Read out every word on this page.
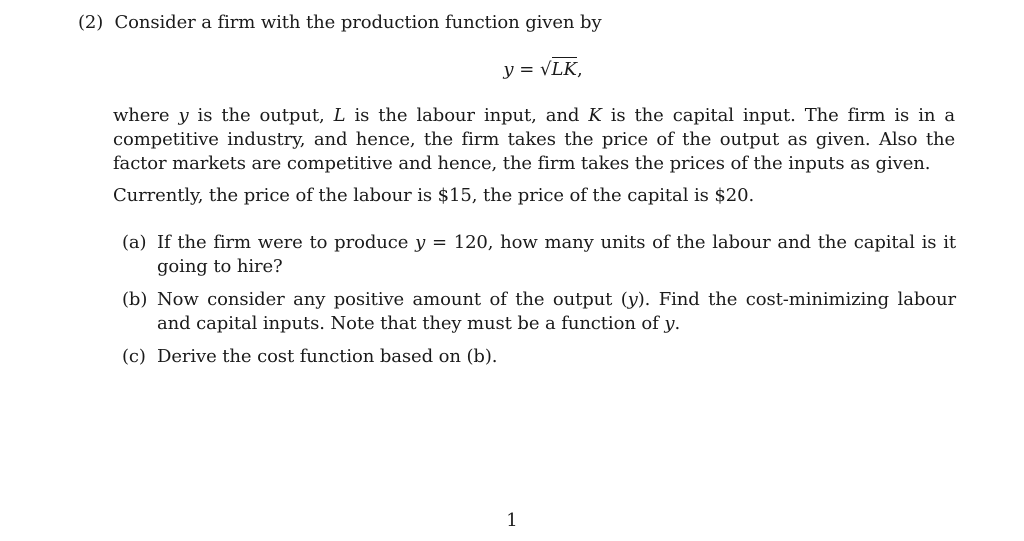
(2) Consider a firm with the production function given by
y = √LK,

where y is the output, L is the labour input, and K is the capital input. The firm is in a competitive industry, and hence, the firm takes the price of the output as given. Also the factor markets are competitive and hence, the firm takes the prices of the inputs as given.

Currently, the price of the labour is $15, the price of the capital is $20.

(a) If the firm were to produce y = 120, how many units of the labour and the capital is it going to hire?
(b) Now consider any positive amount of the output (y). Find the cost-minimizing labour and capital inputs. Note that they must be a function of y.
(c) Derive the cost function based on (b).
1
